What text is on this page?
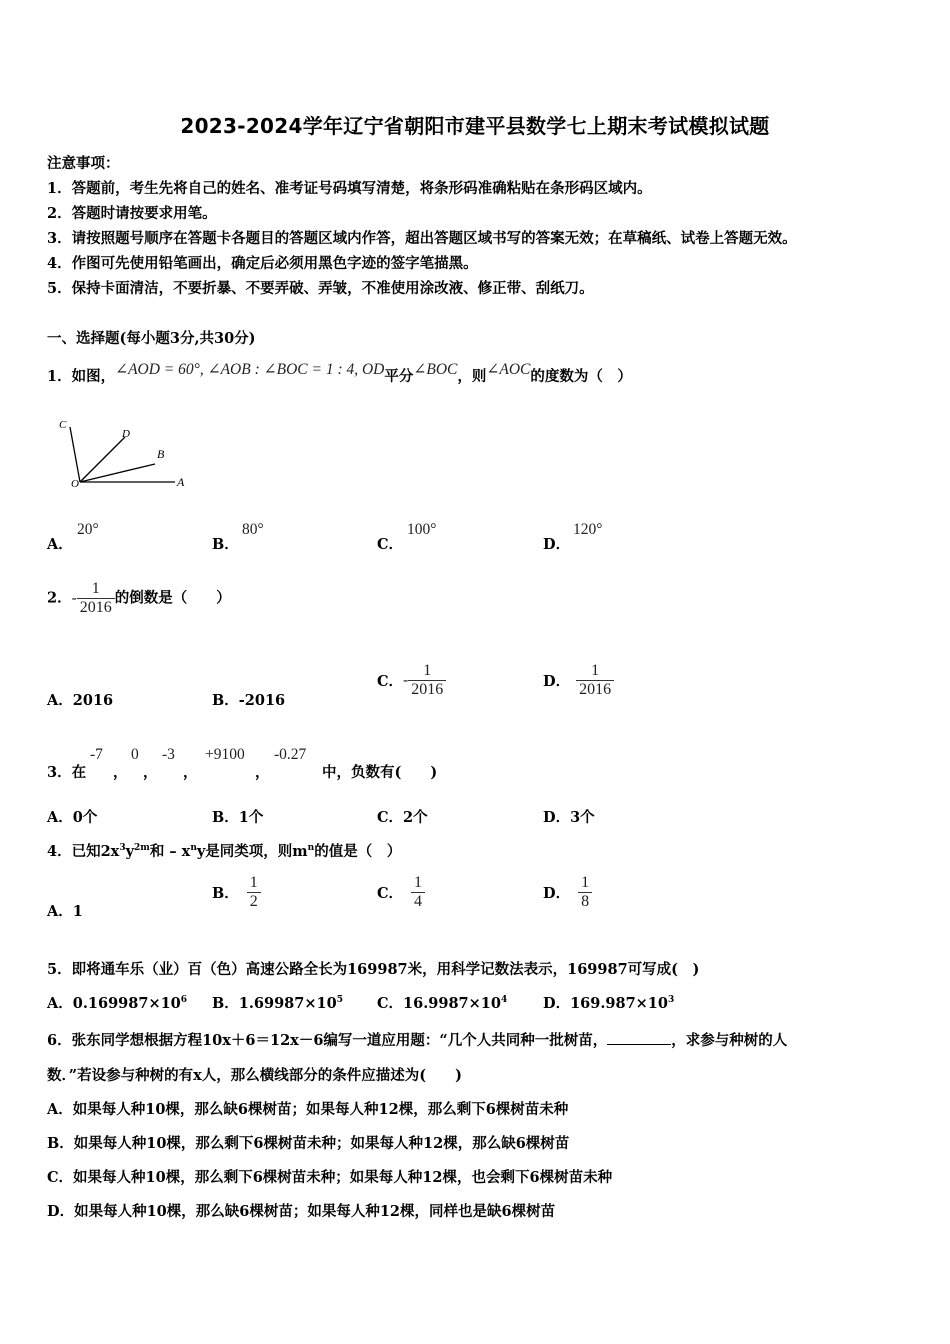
2023-2024学年辽宁省朝阳市建平县数学七上期末考试模拟试题
注意事项：
1．答题前，考生先将自己的姓名、准考证号码填写清楚，将条形码准确粘贴在条形码区域内。
2．答题时请按要求用笔。
3．请按照题号顺序在答题卡各题目的答题区域内作答，超出答题区域书写的答案无效；在草稿纸、试卷上答题无效。
4．作图可先使用铅笔画出，确定后必须用黑色字迹的签字笔描黑。
5．保持卡面清洁，不要折暴、不要弄破、弄皱，不准使用涂改液、修正带、刮纸刀。
一、选择题(每小题3分,共30分)
1．如图，∠AOD = 60°, ∠AOB : ∠BOC = 1 : 4, OD平分∠BOC，则∠AOC的度数为（　）
C
D
B
O	A
A．
20°
B．
80°
C．
100°
D．
120°
2．- $\frac{1}{2016}$ 的倒数是（　　）
A．2016	B．-2016
C．- $\frac{1}{2016}$	D． $\frac{1}{2016}$
3．在
-7
，
0
，
-3
，
+9100
，
-0.27
中，负数有(　　)
A．0个	B．1个	C．2个	D．3个
4．已知$2x^3y^{2m}$和 – $x^ny$是同类项，则$m^n$的值是（　）
A．1
B． $\frac{1}{2}$	C． $\frac{1}{4}$	D． $\frac{1}{8}$
5．即将通车乐（业）百（色）高速公路全长为169987米，用科学记数法表示，169987可写成(　)
A．$0.169987\times 10^6$ B．$1.69987\times 10^5$ C．$16.9987\times 10^4$ D．$169.987\times 10^3$
6．张东同学想根据方程10x＋6＝12x－6编写一道应用题：“几个人共同种一批树苗，	，求参与种树的人
数．”若设参与种树的有x人，那么横线部分的条件应描述为(　　)
A．如果每人种10棵，那么缺6棵树苗；如果每人种12棵，那么剩下6棵树苗未种
B．如果每人种10棵，那么剩下6棵树苗未种；如果每人种12棵，那么缺6棵树苗
C．如果每人种10棵，那么剩下6棵树苗未种；如果每人种12棵，也会剩下6棵树苗未种
D．如果每人种10棵，那么缺6棵树苗；如果每人种12棵，同样也是缺6棵树苗
